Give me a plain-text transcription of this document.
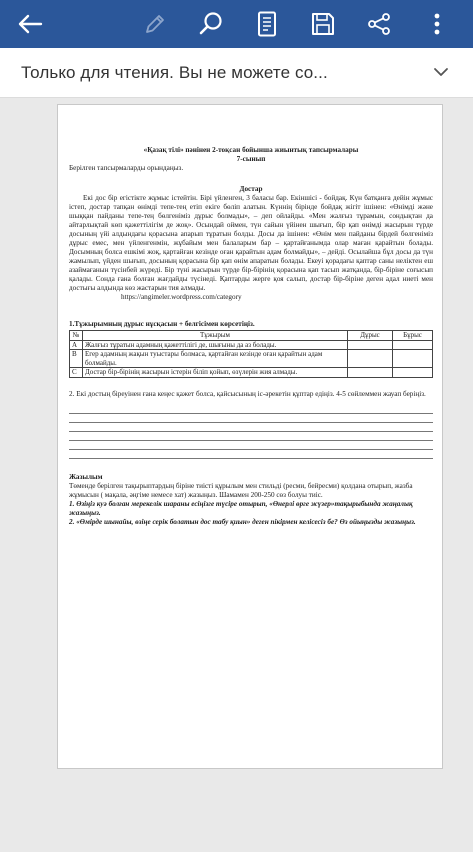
Только для чтения. Вы не можете со...
«Қазақ тілі» пәнінен 2-тоқсан бойынша жиынтық тапсырмалары
7-сынып
Берілген тапсырмаларды орындаңыз.
Достар
Екі дос бір егістікте жұмыс істейтін. Бірі үйленген, 3 баласы бар. Екіншісі - бойдақ. Күн батқанға дейін жұмыс істеп, достар тапқан өнімді тепе-тең етіп екіге бөліп алатын. Күннің бірінде бойдақ жігіт ішінен: «Өнімді және шыққан пайданы тепе-тең бөлгеніміз дұрыс болмады», – деп ойлайды. «Мен жалғыз тұрамын, сондықтан да айтарлықтай көп қажеттілігім де жоқ». Осындай оймен, түн сайын үйінен шығып, бір қап өнімді жасырын түрде досының үйі алдындағы қорасына апарып тұратын болды. Досы да ішінен: «Өнім мен пайданы бірдей бөлгеніміз дұрыс емес, мен үйленгенмін, жұбайым мен балаларым бар – қартайғанымда олар маған қарайтын болады. Досымның болса ешкімі жоқ, қартайған кезінде оған қарайтын адам болмайды», – дейді. Осылайша бұл досы да түн жамылып, үйден шығып, досының қорасына бір қап өнім апаратын болады. Екеуі қорадағы қаптар саны неліктен еш азаймағанын түсінбей жүреді. Бір түні жасырын түрде бір-бірінің қорасына қап тасып жатқанда, бір-біріне соғысып қалады. Сонда ғана болған жағдайды түсінеді. Қаптарды жерге қоя салып, достар бір-біріне деген адал ниеті мен достығы алдында көз жастарын тия алмады.
https://angimeler.wordpress.com/category
1.Тұжырымның дұрыс нұсқасын + белгісімен көрсетіңіз.
№	Тұжырым	Дұрыс	Бұрыс
A	Жалғыз тұратын адамның қажеттілігі де, шығыны да аз болады.		
B	Егер адамның жақын туыстары болмаса, қартайған кезінде оған қарайтын адам болмайды.		
C	Достар бір-бірінің жасырын істерін біліп қойып, өзүлерін жия алмады.		
2. Екі достың біреуінен ғана кеңес қажет болса, қайсысының іс-әрекетін құптар едіңіз. 4-5 сөйлеммен жауап беріңіз.
Жазылым
Төменде берілген тақырыптардың біріне тиісті құрылым мен стильді (ресми, бейресми) қолдана отырып, жазба жұмысын ( мақала, әңгіме немесе хат) жазыңыз. Шамамен 200-250 сөз болуы тиіс.
1. Өзіңіз куә болған мерекелік шараны есіңізге түсіре отырып, «Өнерлі өрге жүзер»тақырыбында жаңалық жазыңыз.
2. «Өмірде шынайы, өзіңе серік болатын дос табу қиын» деген пікірмен келісесіз бе? Өз ойыңызды жазыңыз.
